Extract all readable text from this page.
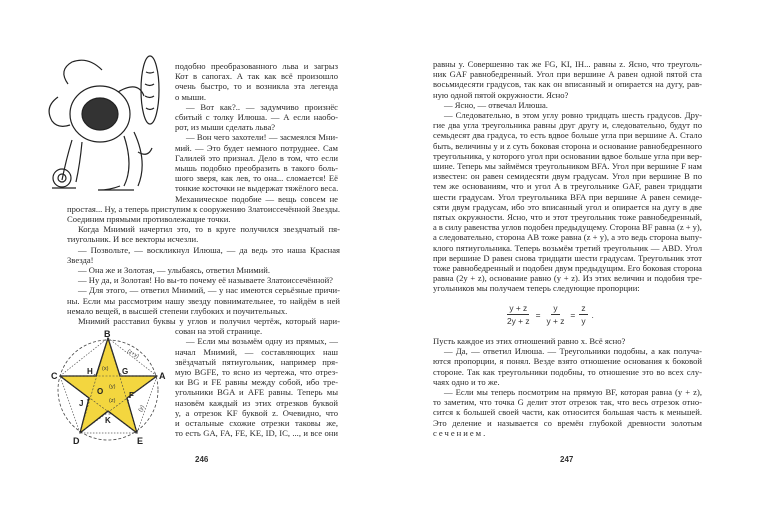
B
A
C
D	E
H	G
J
F
K
O
(z+y)
(x)
(y)
(z)
(y)
подобно преобразованного льва и загрыз
Кот в сапогах. А так как всё произошло
очень быстро, то и возникла эта легенда
о мыши.
— Вот как?.. — задумчиво произнёс
сбитый с толку Илюша. — А если наобо-
рот, из мыши сделать льва?
— Вон чего захотели! — засмеялся Мни-
мий. — Это будет немного потруднее. Сам
Галилей это признал. Дело в том, что если
мышь подобно преобразить в такого боль-
шого зверя, как лев, то она... сломается! Её
тонкие косточки не выдержат тяжёлого веса.
Механическое подобие — вещь совсем не
простая... Ну, а теперь приступим к сооружению Златоиссечённой Звезды.
Соединим прямыми противолежащие точки.
Когда Мнимий начертил это, то в круге получился звездчатый пя-
тиугольник. И все векторы исчезли.
— Позвольте, — воскликнул Илюша, — да ведь это наша Красная
Звезда!
— Она же и Золотая, — улыбаясь, ответил Мнимий.
— Ну да, и Золотая! Но вы-то почему её называете Златоиссечённой?
— Для этого, — ответил Мнимий, — у нас имеются серьёзные причи-
ны. Если мы рассмотрим нашу звезду повнимательнее, то найдём в ней
немало вещей, в высшей степени глубоких и поучительных.
Мнимий расставил буквы у углов и получил чертёж, который нари-
сован на этой странице.
— Если мы возьмём одну из прямых, —
начал Мнимий, — составляющих наш
звёздчатый пятиугольник, например пря-
мую BGFE, то ясно из чертежа, что отрез-
ки BG и FE равны между собой, ибо тре-
угольники BGA и AFE равны. Теперь мы
назовём каждый из этих отрезков буквой
y, а отрезок KF буквой z. Очевидно, что
и остальные схожие отрезки таковы же,
то есть GA, FA, FE, KE, ID, IC, ..., и все они
равны y. Совершенно так же FG, KI, IH... равны z. Ясно, что треуголь-
ник GAF равнобедренный. Угол при вершине A равен одной пятой ста
восьмидесяти градусов, так как он вписанный и опирается на дугу, рав-
ную одной пятой окружности. Ясно?
— Ясно, — отвечал Илюша.
— Следовательно, в этом углу ровно тридцать шесть градусов. Дру-
гие два угла треугольника равны друг другу и, следовательно, будут по
семьдесят два градуса, то есть вдвое больше угла при вершине A. Стало
быть, величины y и z суть боковая сторона и основание равнобедренного
треугольника, у которого угол при основании вдвое больше угла при вер-
шине. Теперь мы займёмся треугольником BFA. Угол при вершине F нам
известен: он равен семидесяти двум градусам. Угол при вершине B по
тем же основаниям, что и угол A в треугольнике GAF, равен тридцати
шести градусам. Угол треугольника BFA при вершине A равен семиде-
сяти двум градусам, ибо это вписанный угол и опирается на дугу в две
пятых окружности. Ясно, что и этот треугольник тоже равнобедренный,
а в силу равенства углов подобен предыдущему. Сторона BF равна (z + y),
а следовательно, сторона AB тоже равна (z + y), а это ведь сторона выпу-
клого пятиугольника. Теперь возьмём третий треугольник — ABD. Угол
при вершине D равен снова тридцати шести градусам. Треугольник этот
тоже равнобедренный и подобен двум предыдущим. Его боковая сторона
равна (2y + z), основание равно (y + z). Из этих величин и подобия тре-
угольников мы получаем теперь следующие пропорции:
Пусть каждое из этих отношений равно x. Всё ясно?
— Да, — ответил Илюша. — Треугольники подобны, а как получа-
ются пропорции, я понял. Везде взято отношение основания к боковой
стороне. Так как треугольники подобны, то отношение это во всех слу-
чаях одно и то же.
— Если мы теперь посмотрим на прямую BF, которая равна (y + z),
то заметим, что точка G делит этот отрезок так, что весь отрезок отно-
сится к большей своей части, как относится большая часть к меньшей.
Это деление и называется со времён глубокой древности золотым
сечением.
$\frac{y + z}{2y + z} = \frac{y}{y + z} = \frac{z}{y}$ .
246	247
